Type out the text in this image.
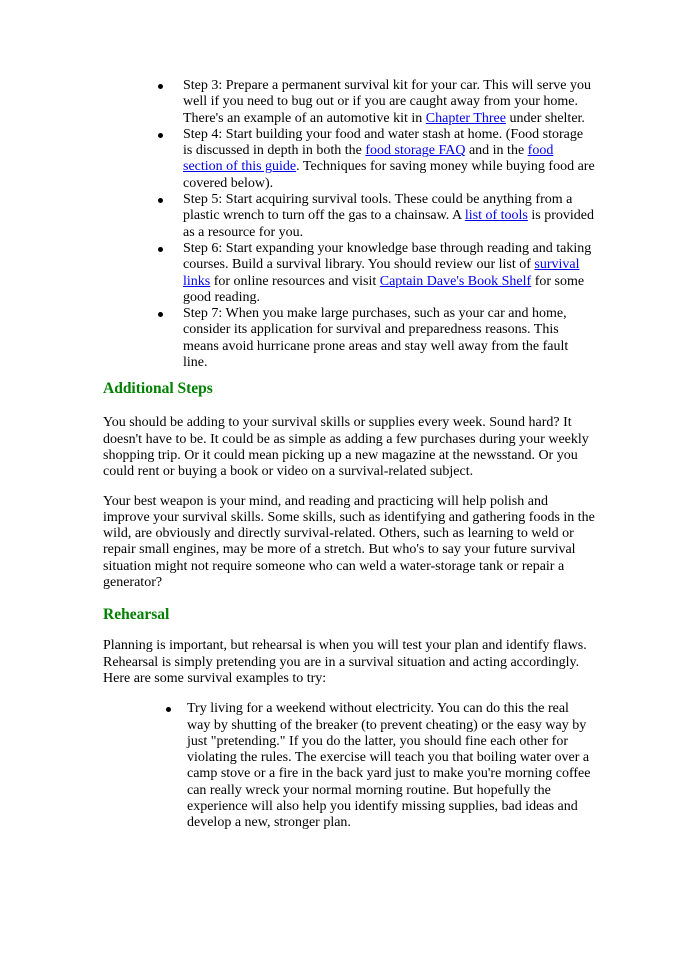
Step 3: Prepare a permanent survival kit for your car. This will serve you well if you need to bug out or if you are caught away from your home. There's an example of an automotive kit in Chapter Three under shelter.
Step 4: Start building your food and water stash at home. (Food storage is discussed in depth in both the food storage FAQ and in the food section of this guide. Techniques for saving money while buying food are covered below).
Step 5: Start acquiring survival tools. These could be anything from a plastic wrench to turn off the gas to a chainsaw. A list of tools is provided as a resource for you.
Step 6: Start expanding your knowledge base through reading and taking courses. Build a survival library. You should review our list of survival links for online resources and visit Captain Dave's Book Shelf for some good reading.
Step 7: When you make large purchases, such as your car and home, consider its application for survival and preparedness reasons. This means avoid hurricane prone areas and stay well away from the fault line.
Additional Steps

You should be adding to your survival skills or supplies every week. Sound hard? It doesn't have to be. It could be as simple as adding a few purchases during your weekly shopping trip. Or it could mean picking up a new magazine at the newsstand. Or you could rent or buying a book or video on a survival-related subject.

Your best weapon is your mind, and reading and practicing will help polish and improve your survival skills. Some skills, such as identifying and gathering foods in the wild, are obviously and directly survival-related. Others, such as learning to weld or repair small engines, may be more of a stretch. But who's to say your future survival situation might not require someone who can weld a water-storage tank or repair a generator?

Rehearsal

Planning is important, but rehearsal is when you will test your plan and identify flaws. Rehearsal is simply pretending you are in a survival situation and acting accordingly. Here are some survival examples to try:

Try living for a weekend without electricity. You can do this the real way by shutting of the breaker (to prevent cheating) or the easy way by just "pretending." If you do the latter, you should fine each other for violating the rules. The exercise will teach you that boiling water over a camp stove or a fire in the back yard just to make you're morning coffee can really wreck your normal morning routine. But hopefully the experience will also help you identify missing supplies, bad ideas and develop a new, stronger plan.
